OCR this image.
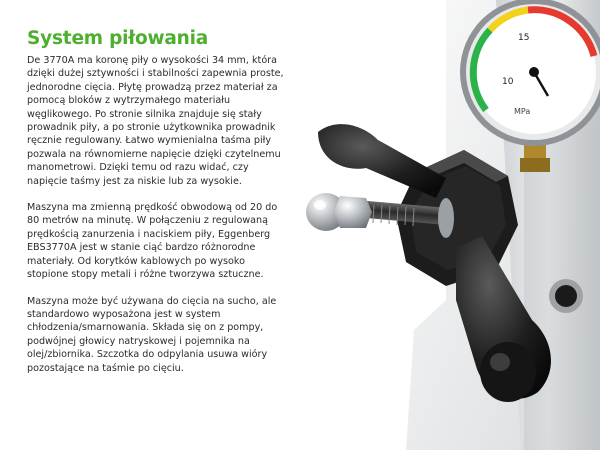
System piłowania

De 3770A ma koronę piły o wysokości 34 mm, która dzięki dużej sztywności i stabilności zapewnia proste, jednorodne cięcia. Płytę prowadzą przez materiał za pomocą bloków z wytrzymałego materiału węglikowego. Po stronie silnika znajduje się stały prowadnik piły, a po stronie użytkownika prowadnik ręcznie regulowany. Łatwo wymienialna taśma piły pozwala na równomierne napięcie dzięki czytelnemu manometrowi. Dzięki temu od razu widać, czy napięcie taśmy jest za niskie lub za wysokie.

Maszyna ma zmienną prędkość obwodową od 20 do 80 metrów na minutę. W połączeniu z regulowaną prędkością zanurzenia i naciskiem piły, Eggenberg EBS3770A jest w stanie ciąć bardzo różnorodne materiały. Od korytków kablowych po wysoko stopione stopy metali i różne tworzywa sztuczne.

Maszyna może być używana do cięcia na sucho, ale standardowo wyposażona jest w system chłodzenia/smarnowania. Składa się on z pompy, podwójnej głowicy natryskowej i pojemnika na olej/zbiornika. Szczotka do odpylania usuwa wióry pozostające na taśmie po cięciu.

15
10
MPa
